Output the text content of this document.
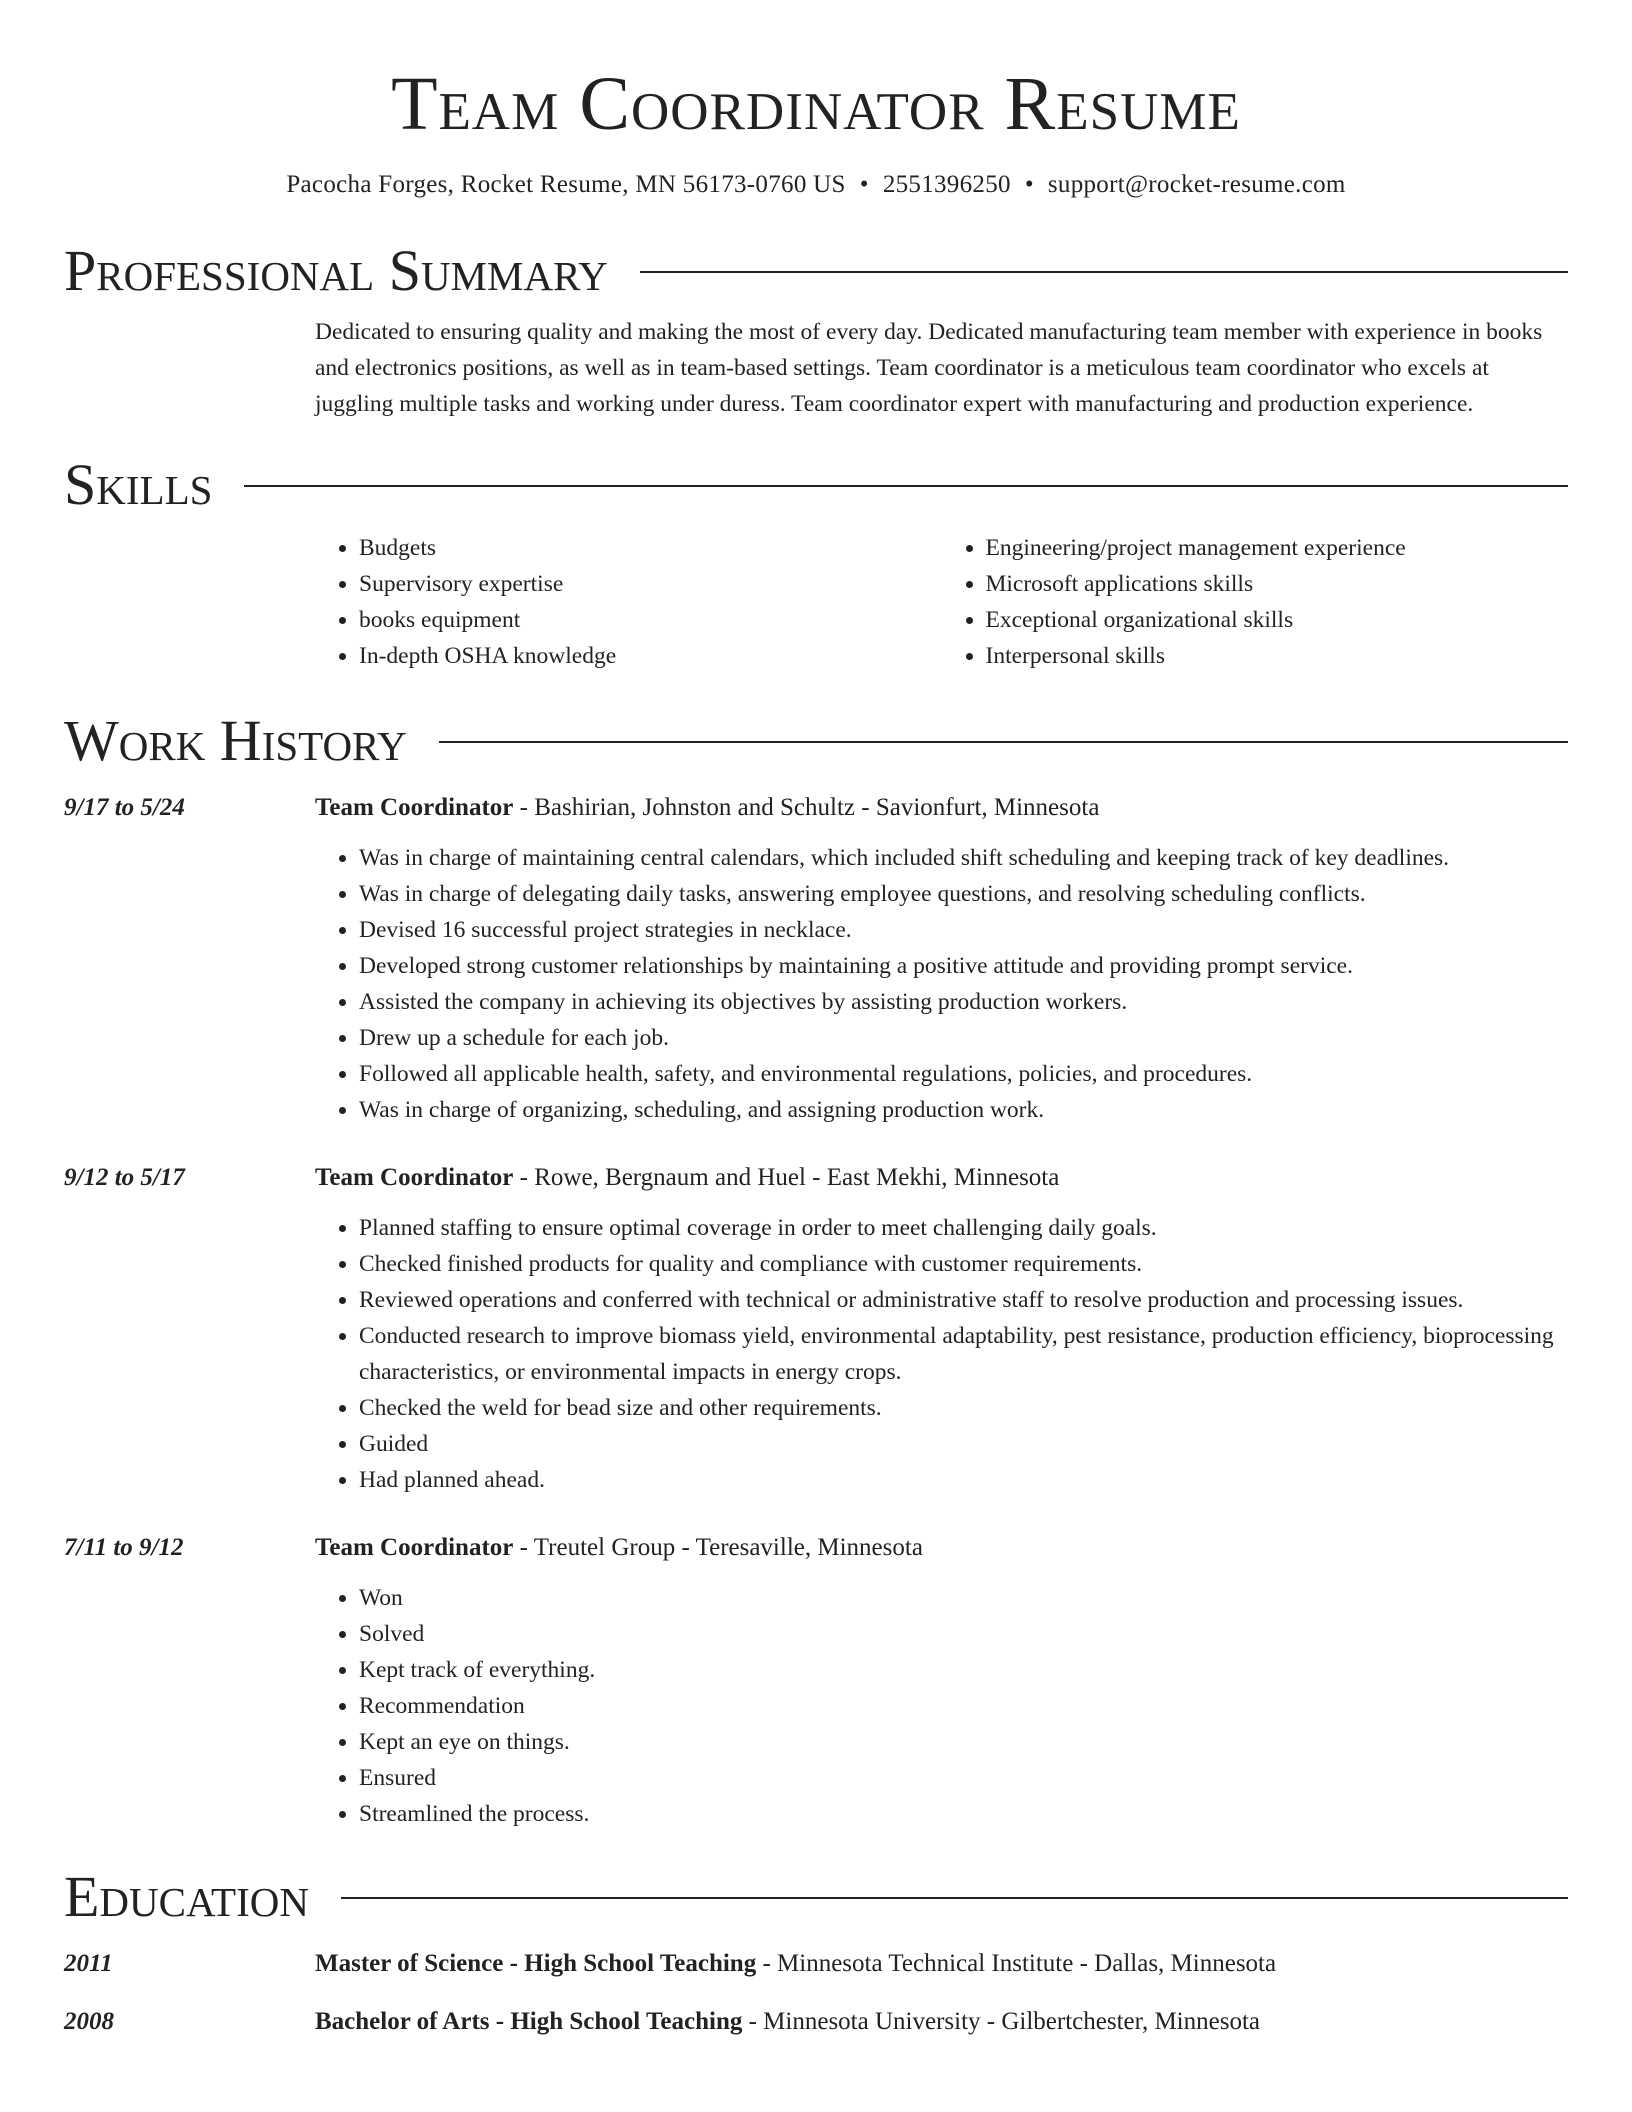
Team Coordinator Resume
Pacocha Forges, Rocket Resume, MN 56173-0760 US • 2551396250 • support@rocket-resume.com
Professional Summary
Dedicated to ensuring quality and making the most of every day. Dedicated manufacturing team member with experience in books and electronics positions, as well as in team-based settings. Team coordinator is a meticulous team coordinator who excels at juggling multiple tasks and working under duress. Team coordinator expert with manufacturing and production experience.
Skills
• Budgets
• Supervisory expertise
• books equipment
• In-depth OSHA knowledge
• Engineering/project management experience
• Microsoft applications skills
• Exceptional organizational skills
• Interpersonal skills
Work History
9/17 to 5/24	Team Coordinator - Bashirian, Johnston and Schultz - Savionfurt, Minnesota
• Was in charge of maintaining central calendars, which included shift scheduling and keeping track of key deadlines.
• Was in charge of delegating daily tasks, answering employee questions, and resolving scheduling conflicts.
• Devised 16 successful project strategies in necklace.
• Developed strong customer relationships by maintaining a positive attitude and providing prompt service.
• Assisted the company in achieving its objectives by assisting production workers.
• Drew up a schedule for each job.
• Followed all applicable health, safety, and environmental regulations, policies, and procedures.
• Was in charge of organizing, scheduling, and assigning production work.
9/12 to 5/17	Team Coordinator - Rowe, Bergnaum and Huel - East Mekhi, Minnesota
• Planned staffing to ensure optimal coverage in order to meet challenging daily goals.
• Checked finished products for quality and compliance with customer requirements.
• Reviewed operations and conferred with technical or administrative staff to resolve production and processing issues.
• Conducted research to improve biomass yield, environmental adaptability, pest resistance, production efficiency, bioprocessing characteristics, or environmental impacts in energy crops.
• Checked the weld for bead size and other requirements.
• Guided
• Had planned ahead.
7/11 to 9/12	Team Coordinator - Treutel Group - Teresaville, Minnesota
• Won
• Solved
• Kept track of everything.
• Recommendation
• Kept an eye on things.
• Ensured
• Streamlined the process.
Education
2011	Master of Science - High School Teaching - Minnesota Technical Institute - Dallas, Minnesota
2008	Bachelor of Arts - High School Teaching - Minnesota University - Gilbertchester, Minnesota
